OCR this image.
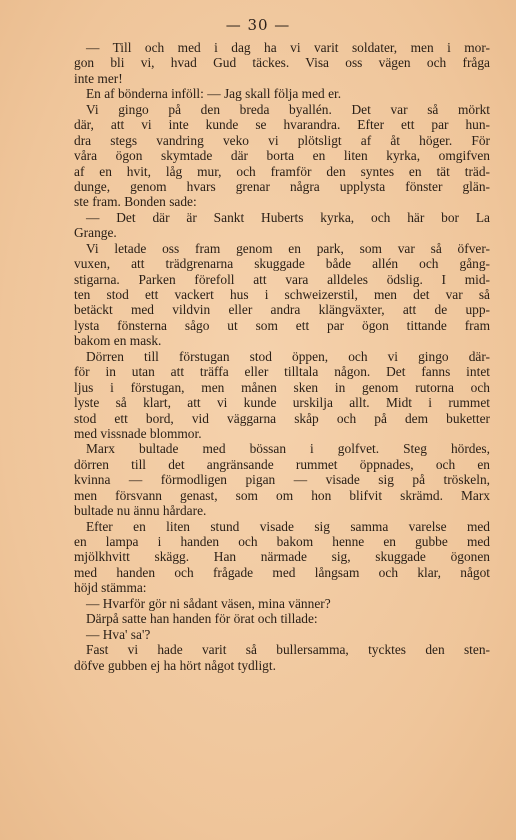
— 30 —
— Till och med i dag ha vi varit soldater, men i mor-
gon bli vi, hvad Gud täckes. Visa oss vägen och fråga
inte mer!
En af bönderna inföll: — Jag skall följa med er.
Vi gingo på den breda byallén. Det var så mörkt
där, att vi inte kunde se hvarandra. Efter ett par hun-
dra stegs vandring veko vi plötsligt af åt höger. För
våra ögon skymtade där borta en liten kyrka, omgifven
af en hvit, låg mur, och framför den syntes en tät träd-
dunge, genom hvars grenar några upplysta fönster glän-
ste fram. Bonden sade:
— Det där är Sankt Huberts kyrka, och här bor La
Grange.
Vi letade oss fram genom en park, som var så öfver-
vuxen, att trädgrenarna skuggade både allén och gång-
stigarna. Parken förefoll att vara alldeles ödslig. I mid-
ten stod ett vackert hus i schweizerstil, men det var så
betäckt med vildvin eller andra klängväxter, att de upp-
lysta fönsterna sågo ut som ett par ögon tittande fram
bakom en mask.
Dörren till förstugan stod öppen, och vi gingo där-
för in utan att träffa eller tilltala någon. Det fanns intet
ljus i förstugan, men månen sken in genom rutorna och
lyste så klart, att vi kunde urskilja allt. Midt i rummet
stod ett bord, vid väggarna skåp och på dem buketter
med vissnade blommor.
Marx bultade med bössan i golfvet. Steg hördes,
dörren till det angränsande rummet öppnades, och en
kvinna — förmodligen pigan — visade sig på tröskeln,
men försvann genast, som om hon blifvit skrämd. Marx
bultade nu ännu hårdare.
Efter en liten stund visade sig samma varelse med
en lampa i handen och bakom henne en gubbe med
mjölkhvitt skägg. Han närmade sig, skuggade ögonen
med handen och frågade med långsam och klar, något
höjd stämma:
— Hvarför gör ni sådant väsen, mina vänner?
Därpå satte han handen för örat och tillade:
— Hva' sa'?
Fast vi hade varit så bullersamma, tycktes den sten-
döfve gubben ej ha hört något tydligt.
